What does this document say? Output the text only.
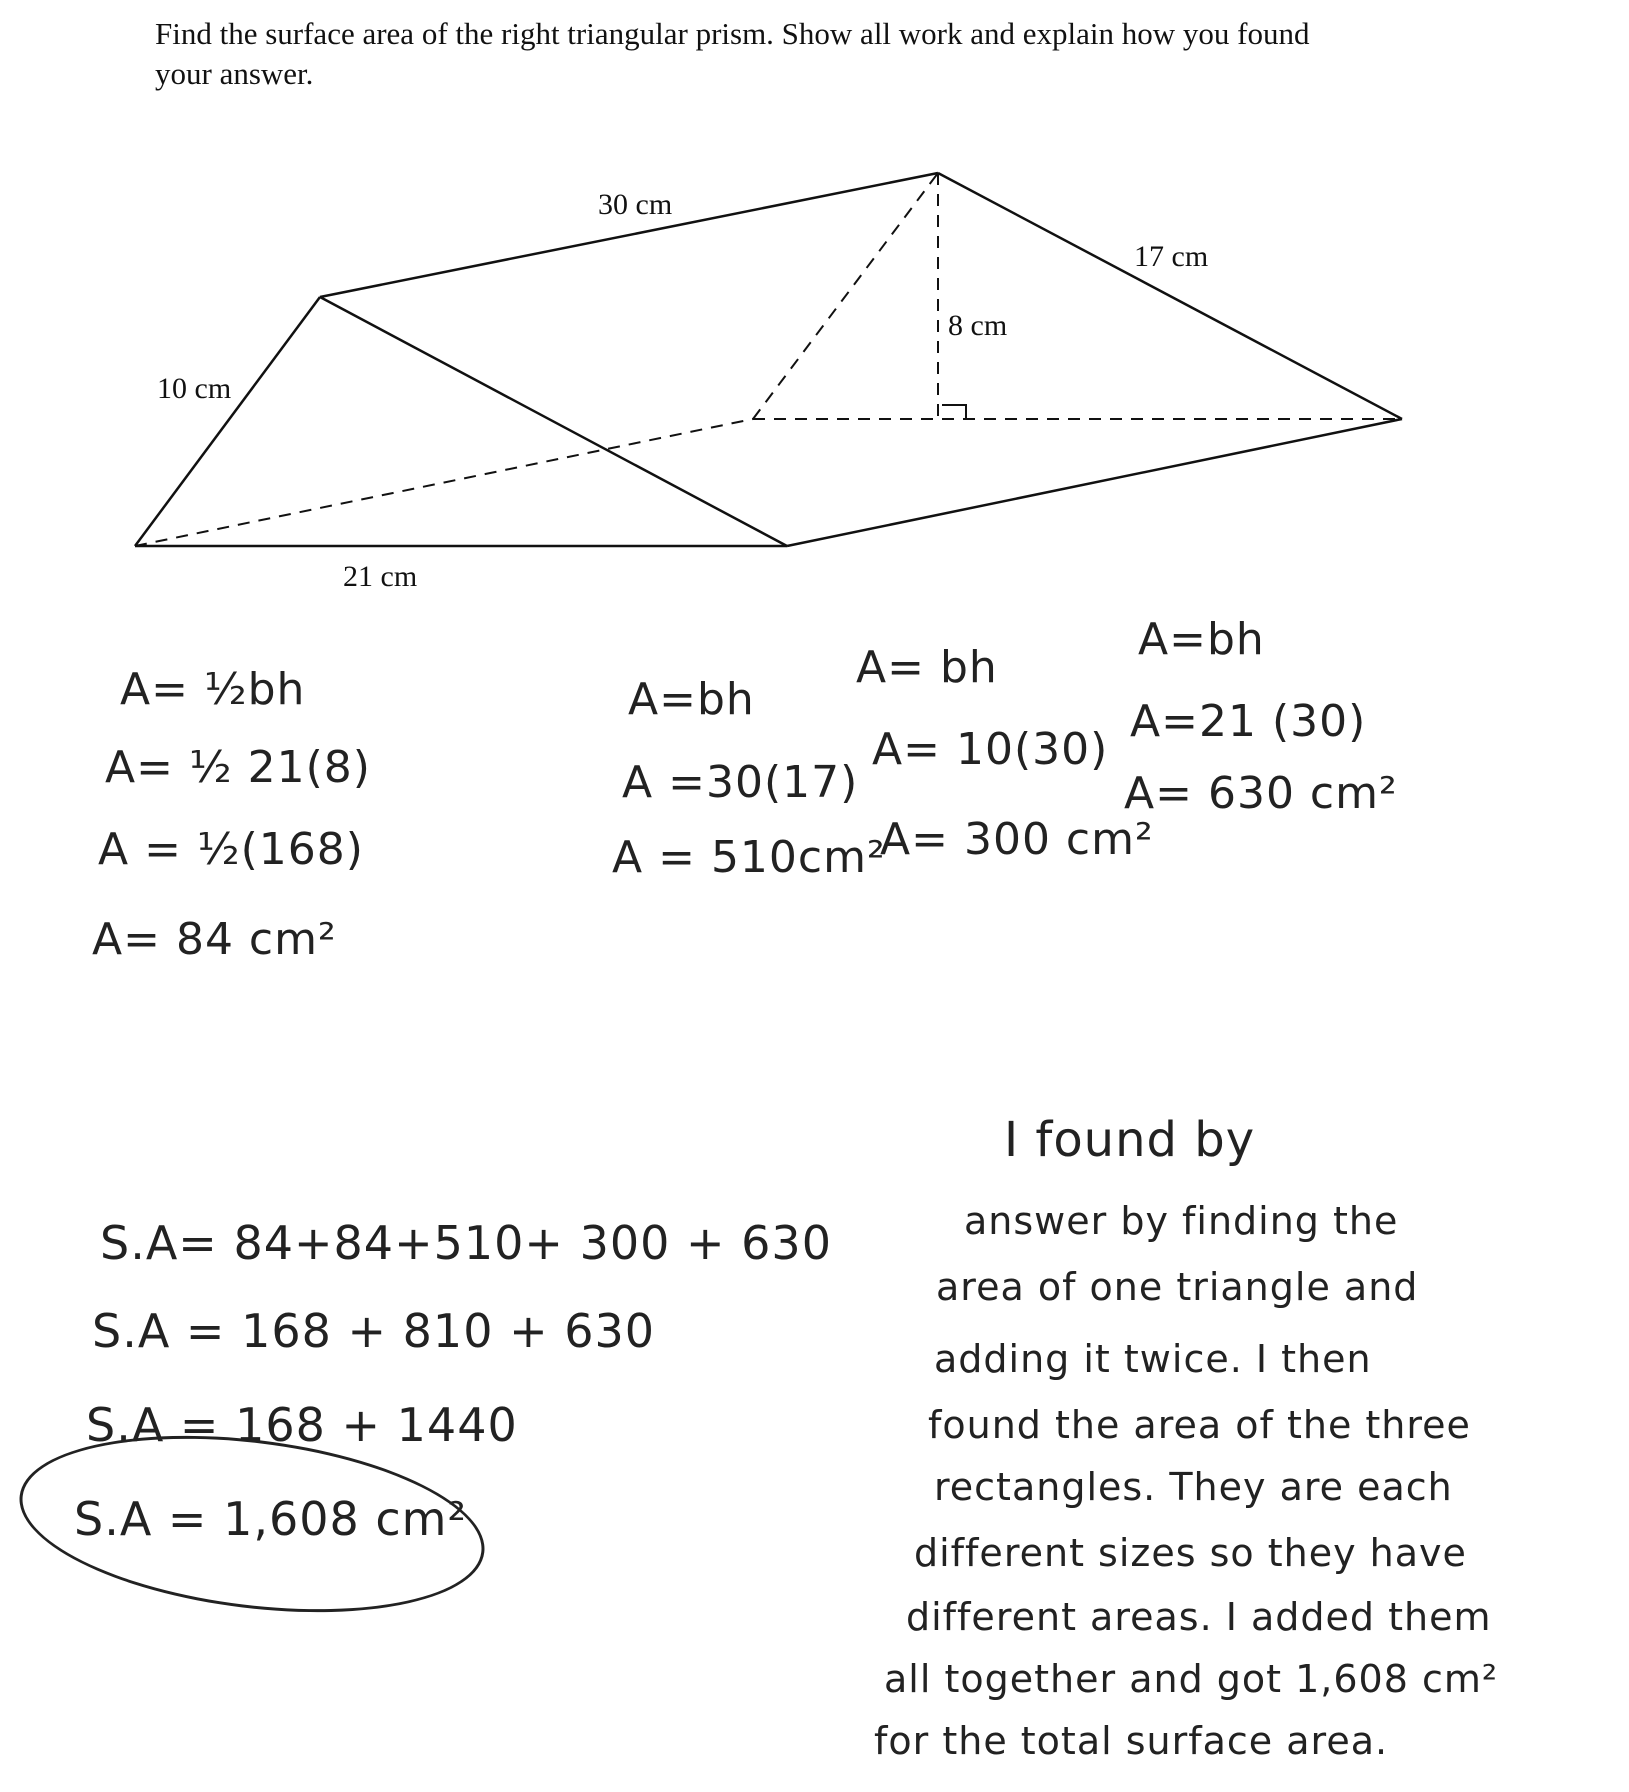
Find the surface area of the right triangular prism. Show all work and explain how you found
your answer.
30 cm
17 cm
8 cm
10 cm
21 cm
A= ½bh
A= ½ 21(8)
A = ½(168)
A= 84 cm²
A=bh
A =30(17)
A = 510cm²
A= bh
A= 10(30)
A= 300 cm²
A=bh
A=21 (30)
A= 630 cm²
S.A= 84+84+510+ 300 + 630
S.A = 168 + 810 + 630
S.A = 168 + 1440
S.A = 1,608 cm²
I found by
answer by finding the
area of one triangle and
adding it twice. I then
found the area of the three
rectangles. They are each
different sizes so they have
different areas. I added them
all together and got 1,608 cm²
for the total surface area.
